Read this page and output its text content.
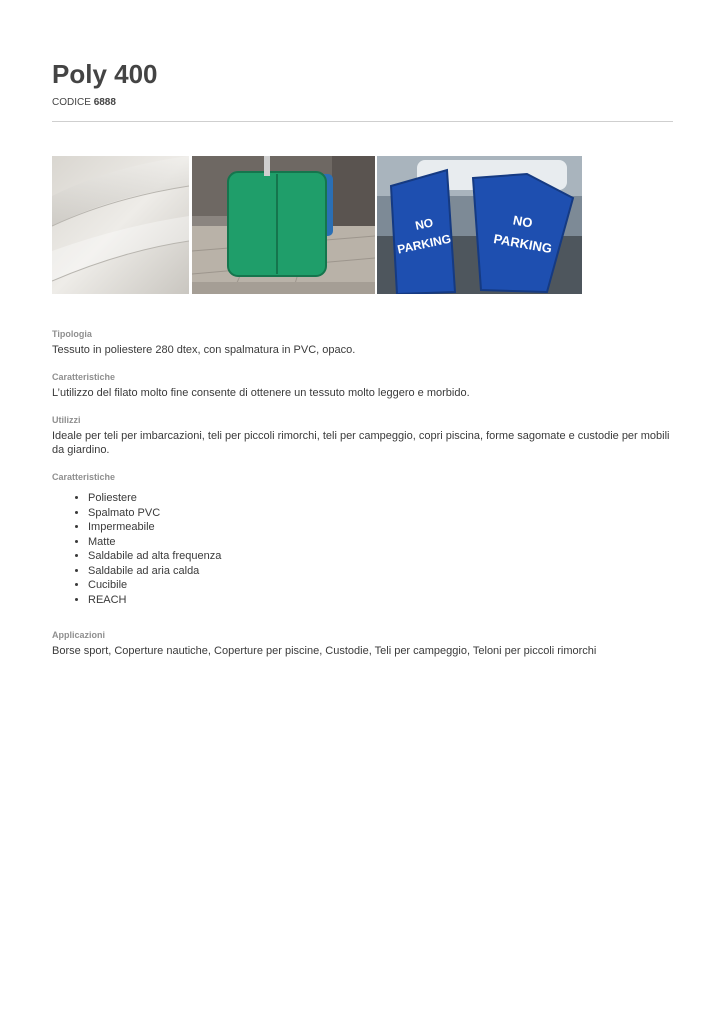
Poly 400
CODICE 6888
NO
PARKING
NO
PARKING

Tipologia

Tessuto in poliestere 280 dtex, con spalmatura in PVC, opaco.

Caratteristiche

L’utilizzo del filato molto fine consente di ottenere un tessuto molto leggero e morbido.

Utilizzi

Ideale per teli per imbarcazioni, teli per piccoli rimorchi, teli per campeggio, copri piscina, forme sagomate e custodie per mobili da giardino.

Caratteristiche

• Poliestere
• Spalmato PVC
• Impermeabile
• Matte
• Saldabile ad alta frequenza
• Saldabile ad aria calda
• Cucibile
• REACH

Applicazioni

Borse sport, Coperture nautiche, Coperture per piscine, Custodie, Teli per campeggio, Teloni per piccoli rimorchi
